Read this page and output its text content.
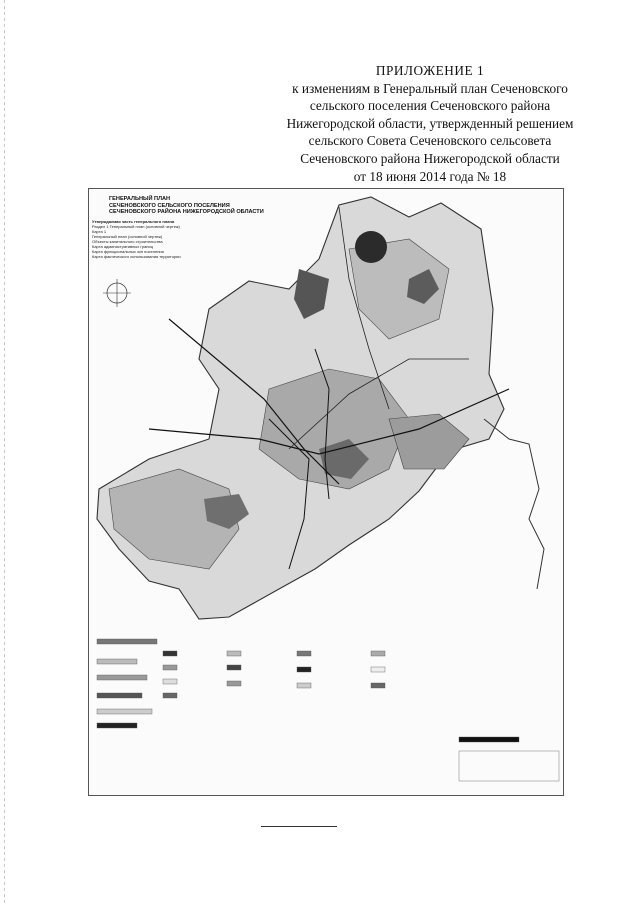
ПРИЛОЖЕНИЕ 1
к изменениям в Генеральный план Сеченовского
сельского поселения Сеченовского района
Нижегородской области, утвержденный решением
сельского Совета Сеченовского сельсовета
Сеченовского района Нижегородской области
от 18 июня 2014 года № 18
ГЕНЕРАЛЬНЫЙ ПЛАН
СЕЧЕНОВСКОГО СЕЛЬСКОГО ПОСЕЛЕНИЯ
СЕЧЕНОВСКОГО РАЙОНА НИЖЕГОРОДСКОЙ ОБЛАСТИ
Утверждаемая часть генерального плана
Раздел 1 Генеральный план (основной чертеж)
Карта 1
Генеральный план (основной чертеж)
Объекты капитального строительства
Карта административных границ
Карта функциональных зон поселения
Карта фактического использования территории
